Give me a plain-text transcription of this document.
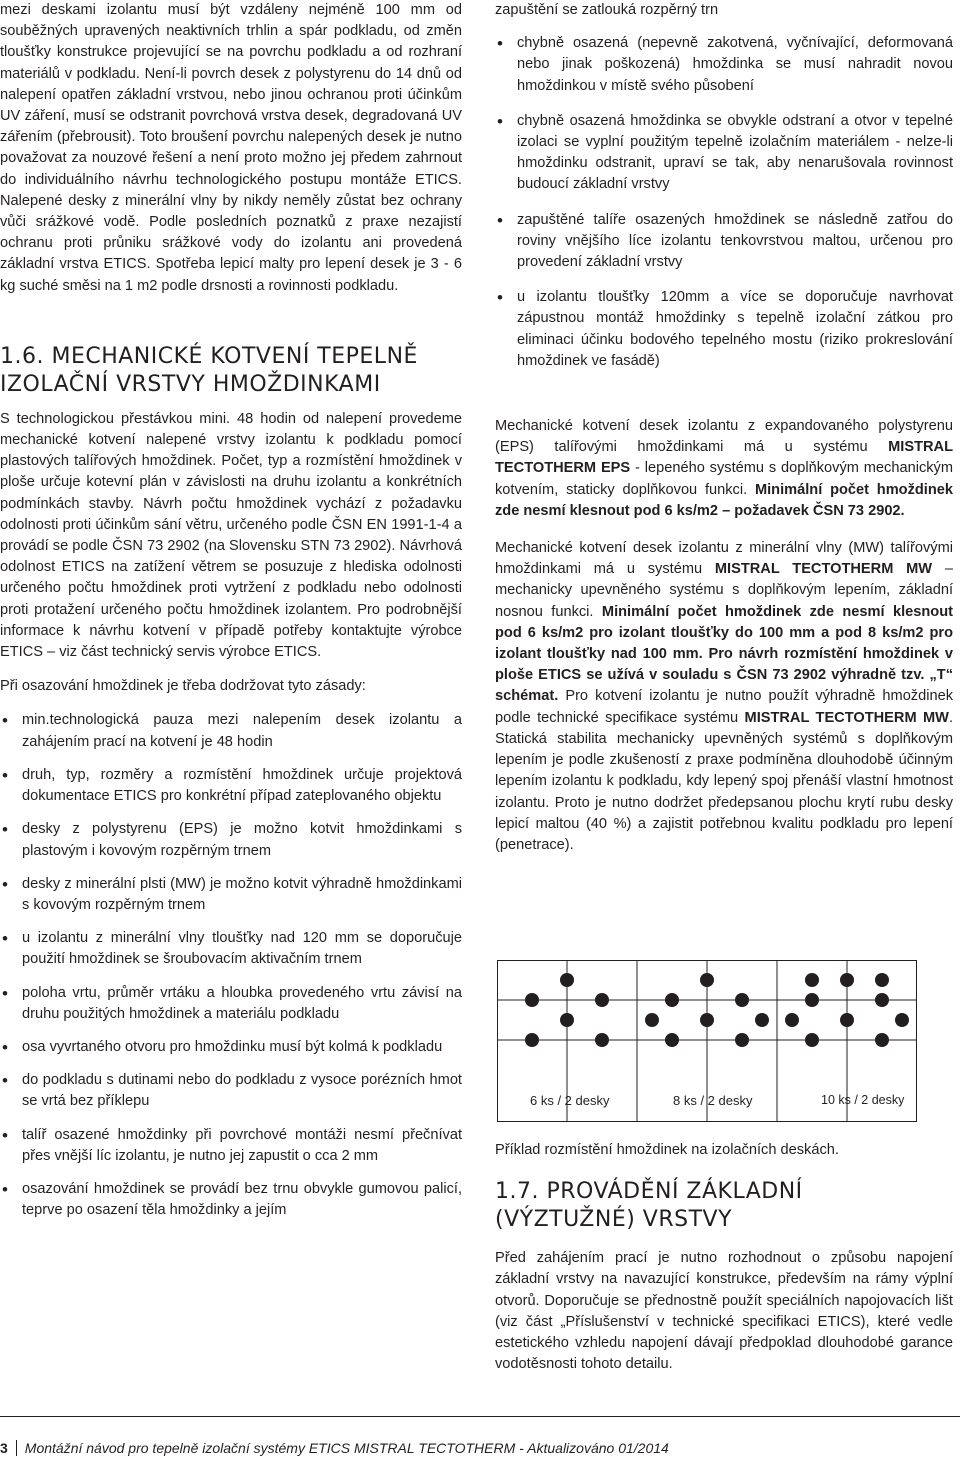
mezi deskami izolantu musí být vzdáleny nejméně 100 mm od souběžných upravených neaktivních trhlin a spár podkladu, od změn tloušťky konstrukce projevující se na povrchu podkladu a od rozhraní materiálů v podkladu. Není-li povrch desek z polystyrenu do 14 dnů od nalepení opatřen základní vrstvou, nebo jinou ochranou proti účinkům UV záření, musí se odstranit povrchová vrstva desek, degradovaná UV zářením (přebrousit). Toto broušení povrchu nalepených desek je nutno považovat za nouzové řešení a není proto možno jej předem zahrnout do individuálního návrhu technologického postupu montáže ETICS. Nalepené desky z minerální vlny by nikdy neměly zůstat bez ochrany vůči srážkové vodě. Podle posledních poznatků z praxe nezajistí ochranu proti průniku srážkové vody do izolantu ani provedená základní vrstva ETICS. Spotřeba lepicí malty pro lepení desek je 3 - 6 kg suché směsi na 1 m2 podle drsnosti a rovinnosti podkladu.

1.6. MECHANICKÉ KOTVENÍ TEPELNĚ
IZOLAČNÍ VRSTVY HMOŽDINKAMI

S technologickou přestávkou mini. 48 hodin od nalepení provedeme mechanické kotvení nalepené vrstvy izolantu k podkladu pomocí plastových talířových hmoždinek. Počet, typ a rozmístění hmoždinek v ploše určuje kotevní plán v závislosti na druhu izolantu a konkrétních podmínkách stavby. Návrh počtu hmoždinek vychází z požadavku odolnosti proti účinkům sání větru, určeného podle ČSN EN 1991-1-4 a provádí se podle ČSN 73 2902 (na Slovensku STN 73 2902). Návrhová odolnost ETICS na zatížení větrem se posuzuje z hlediska odolnosti určeného počtu hmoždinek proti vytržení z podkladu nebo odolnosti proti protažení určeného počtu hmoždinek izolantem. Pro podrobnější informace k návrhu kotvení v případě potřeby kontaktujte výrobce ETICS – viz část technický servis výrobce ETICS.

Při osazování hmoždinek je třeba dodržovat tyto zásady:

• min.technologická pauza mezi nalepením desek izolantu a zahájením prací na kotvení je 48 hodin
• druh, typ, rozměry a rozmístění hmoždinek určuje projektová dokumentace ETICS pro konkrétní případ zateplovaného objektu
• desky z polystyrenu (EPS) je možno kotvit hmoždinkami s plastovým i kovovým rozpěrným trnem
• desky z minerální plsti (MW) je možno kotvit výhradně hmoždinkami s kovovým rozpěrným trnem
• u izolantu z minerální vlny tloušťky nad 120 mm se doporučuje použití hmoždinek se šroubovacím aktivačním trnem
• poloha vrtu, průměr vrtáku a hloubka provedeného vrtu závisí na druhu použitých hmoždinek a materiálu podkladu
• osa vyvrtaného otvoru pro hmoždinku musí být kolmá k podkladu
• do podkladu s dutinami nebo do podkladu z vysoce porézních hmot se vrtá bez příklepu
• talíř osazené hmoždinky při povrchové montáži nesmí přečnívat přes vnější líc izolantu, je nutno jej zapustit o cca 2 mm
• osazování hmoždinek se provádí bez trnu obvykle gumovou palicí, teprve po osazení těla hmoždinky a jejím

zapuštění se zatlouká rozpěrný trn

• chybně osazená (nepevně zakotvená, vyčnívající, deformovaná nebo jinak poškozená) hmoždinka se musí nahradit novou hmoždinkou v místě svého působení
• chybně osazená hmoždinka se obvykle odstraní a otvor v tepelné izolaci se vyplní použitým tepelně izolačním materiálem - nelze-li hmoždinku odstranit, upraví se tak, aby nenarušovala rovinnost budoucí základní vrstvy
• zapuštěné talíře osazených hmoždinek se následně zatřou do roviny vnějšího líce izolantu tenkovrstvou maltou, určenou pro provedení základní vrstvy
• u izolantu tloušťky 120mm a více se doporučuje navrhovat zápustnou montáž hmoždinky s tepelně izolační zátkou pro eliminaci účinku bodového tepelného mostu (riziko prokreslování hmoždinek ve fasádě)

Mechanické kotvení desek izolantu z expandovaného polystyrenu (EPS) talířovými hmoždinkami má u systému MISTRAL TECTOTHERM EPS - lepeného systému s doplňkovým mechanickým kotvením, staticky doplňkovou funkci. Minimální počet hmoždinek zde nesmí klesnout pod 6 ks/m2 – požadavek ČSN 73 2902.

Mechanické kotvení desek izolantu z minerální vlny (MW) talířovými hmoždinkami má u systému MISTRAL TECTOTHERM MW – mechanicky upevněného systému s doplňkovým lepením, základní nosnou funkci. Minimální počet hmoždinek zde nesmí klesnout pod 6 ks/m2 pro izolant tloušťky do 100 mm a pod 8 ks/m2 pro izolant tloušťky nad 100 mm. Pro návrh rozmístění hmoždinek v ploše ETICS se užívá v souladu s ČSN 73 2902 výhradně tzv. „T“ schémat. Pro kotvení izolantu je nutno použít výhradně hmoždinek podle technické specifikace systému MISTRAL TECTOTHERM MW. Statická stabilita mechanicky upevněných systémů s doplňkovým lepením je podle zkušeností z praxe podmíněna dlouhodobě účinným lepením izolantu k podkladu, kdy lepený spoj přenáší vlastní hmotnost izolantu. Proto je nutno dodržet předepsanou plochu krytí rubu desky lepicí maltou (40 %) a zajistit potřebnou kvalitu podkladu pro lepení (penetrace).

6 ks / 2 desky	8 ks / 2 desky	10 ks / 2 desky

Příklad rozmístění hmoždinek na izolačních deskách.

1.7. PROVÁDĚNÍ ZÁKLADNÍ
(VÝZTUŽNÉ) VRSTVY

Před zahájením prací je nutno rozhodnout o způsobu napojení základní vrstvy na navazující konstrukce, především na rámy výplní otvorů. Doporučuje se přednostně použít speciálních napojovacích lišt (viz část „Příslušenství v technické specifikaci ETICS), které vedle estetického vzhledu napojení dávají předpoklad dlouhodobé garance vodotěsnosti tohoto detailu.

3 Montážní návod pro tepelně izolační systémy ETICS MISTRAL TECTOTHERM - Aktualizováno 01/2014
